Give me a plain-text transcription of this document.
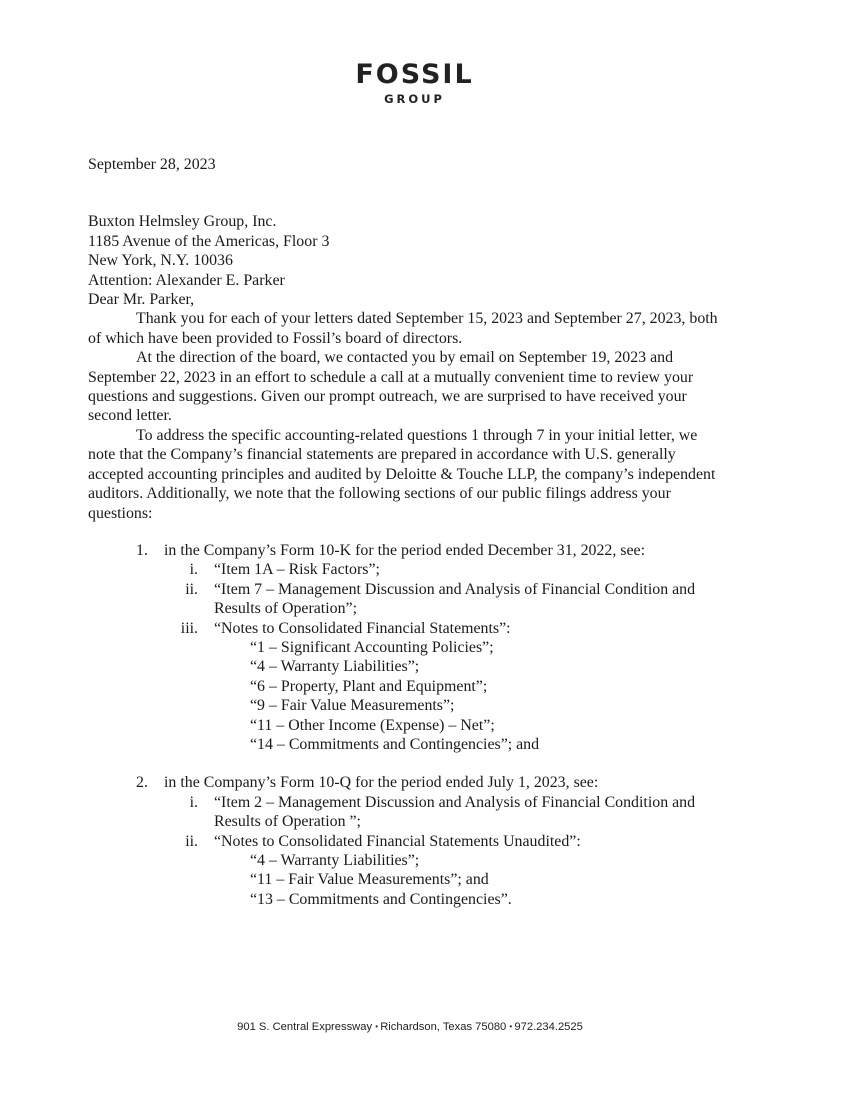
FOSSIL
GROUP

September 28, 2023

Buxton Helmsley Group, Inc.

1185 Avenue of the Americas, Floor 3

New York, N.Y. 10036

Attention: Alexander E. Parker

Dear Mr. Parker,

Thank you for each of your letters dated September 15, 2023 and September 27, 2023, both of which have been provided to Fossil’s board of directors.

At the direction of the board, we contacted you by email on September 19, 2023 and September 22, 2023 in an effort to schedule a call at a mutually convenient time to review your questions and suggestions. Given our prompt outreach, we are surprised to have received your second letter.

To address the specific accounting-related questions 1 through 7 in your initial letter, we note that the Company’s financial statements are prepared in accordance with U.S. generally accepted accounting principles and audited by Deloitte & Touche LLP, the company’s independent auditors. Additionally, we note that the following sections of our public filings address your questions:

1. in the Company’s Form 10-K for the period ended December 31, 2022, see:

i. “Item 1A – Risk Factors”;

ii. “Item 7 – Management Discussion and Analysis of Financial Condition and Results of Operation”;

iii. “Notes to Consolidated Financial Statements”:

“1 – Significant Accounting Policies”;

“4 – Warranty Liabilities”;

“6 – Property, Plant and Equipment”;

“9 – Fair Value Measurements”;

“11 – Other Income (Expense) – Net”;

“14 – Commitments and Contingencies”; and

2. in the Company’s Form 10-Q for the period ended July 1, 2023, see:

i. “Item 2 – Management Discussion and Analysis of Financial Condition and Results of Operation ”;

ii. “Notes to Consolidated Financial Statements Unaudited”:

“4 – Warranty Liabilities”;

“11 – Fair Value Measurements”; and

“13 – Commitments and Contingencies”.

901 S. Central Expressway • Richardson, Texas 75080 • 972.234.2525
